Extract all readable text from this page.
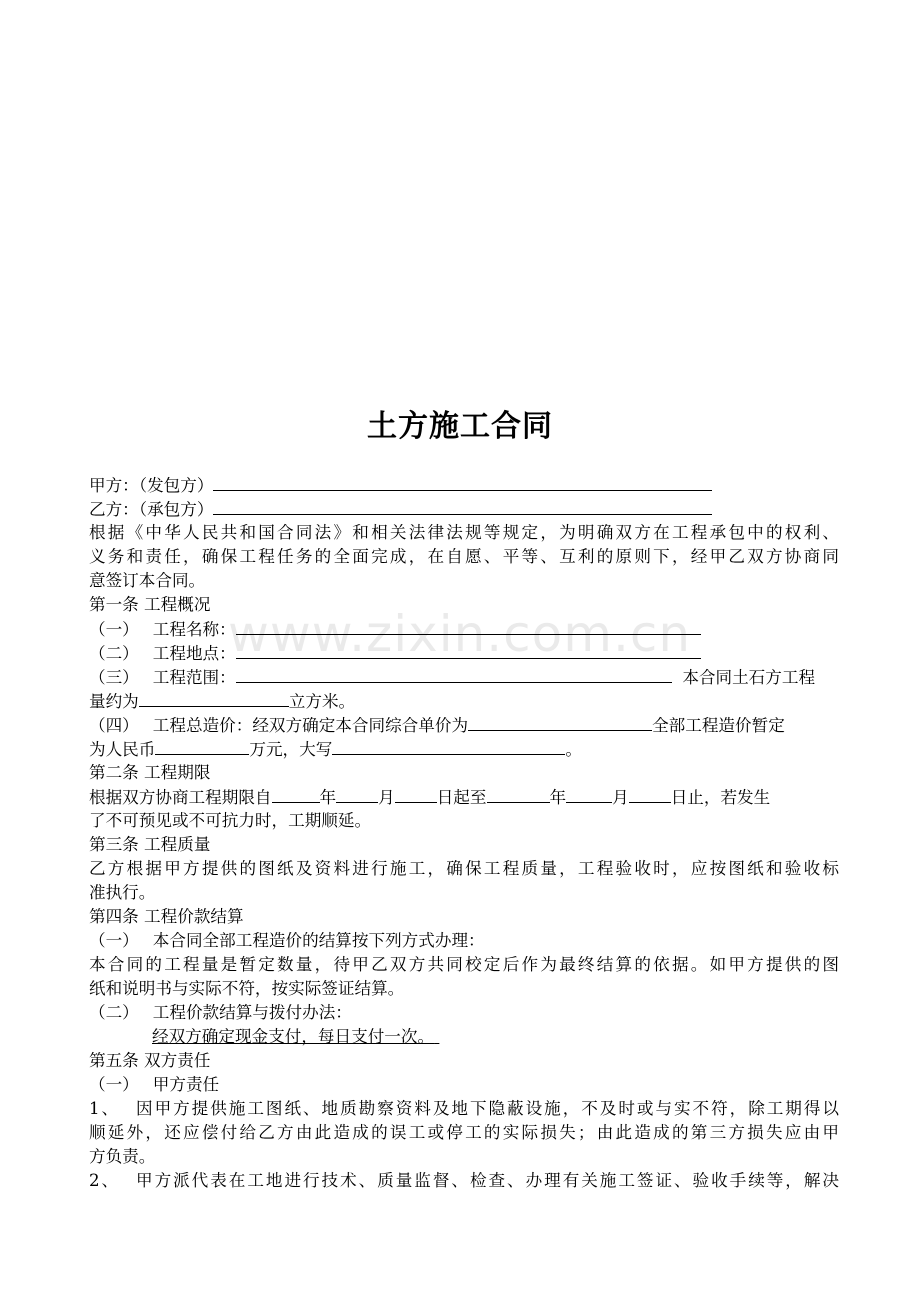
土方施工合同
www.zixin.com.cn
甲方：（发包方）
乙方：（承包方）
根据《中华人民共和国合同法》和相关法律法规等规定，为明确双方在工程承包中的权利、
义务和责任，确保工程任务的全面完成，在自愿、平等、互利的原则下，经甲乙双方协商同
意签订本合同。
第一条 工程概况
（一） 工程名称：
（二） 工程地点：
（三） 工程范围：	本合同土石方工程
量约为	立方米。
（四） 工程总造价：经双方确定本合同综合单价为	全部工程造价暂定
为人民币	万元，大写	。
第二条 工程期限
根据双方协商工程期限自	年	月	日起至	年	月	日止，若发生
了不可预见或不可抗力时，工期顺延。
第三条 工程质量
乙方根据甲方提供的图纸及资料进行施工，确保工程质量，工程验收时，应按图纸和验收标
准执行。
第四条 工程价款结算
（一） 本合同全部工程造价的结算按下列方式办理：
本合同的工程量是暂定数量，待甲乙双方共同校定后作为最终结算的依据。如甲方提供的图
纸和说明书与实际不符，按实际签证结算。
（二） 工程价款结算与拨付办法：
经双方确定现金支付，每日支付一次。
第五条 双方责任
（一） 甲方责任
1、 因甲方提供施工图纸、地质勘察资料及地下隐蔽设施，不及时或与实不符，除工期得以
顺延外，还应偿付给乙方由此造成的误工或停工的实际损失；由此造成的第三方损失应由甲
方负责。
2、 甲方派代表在工地进行技术、质量监督、检查、办理有关施工签证、验收手续等，解决
